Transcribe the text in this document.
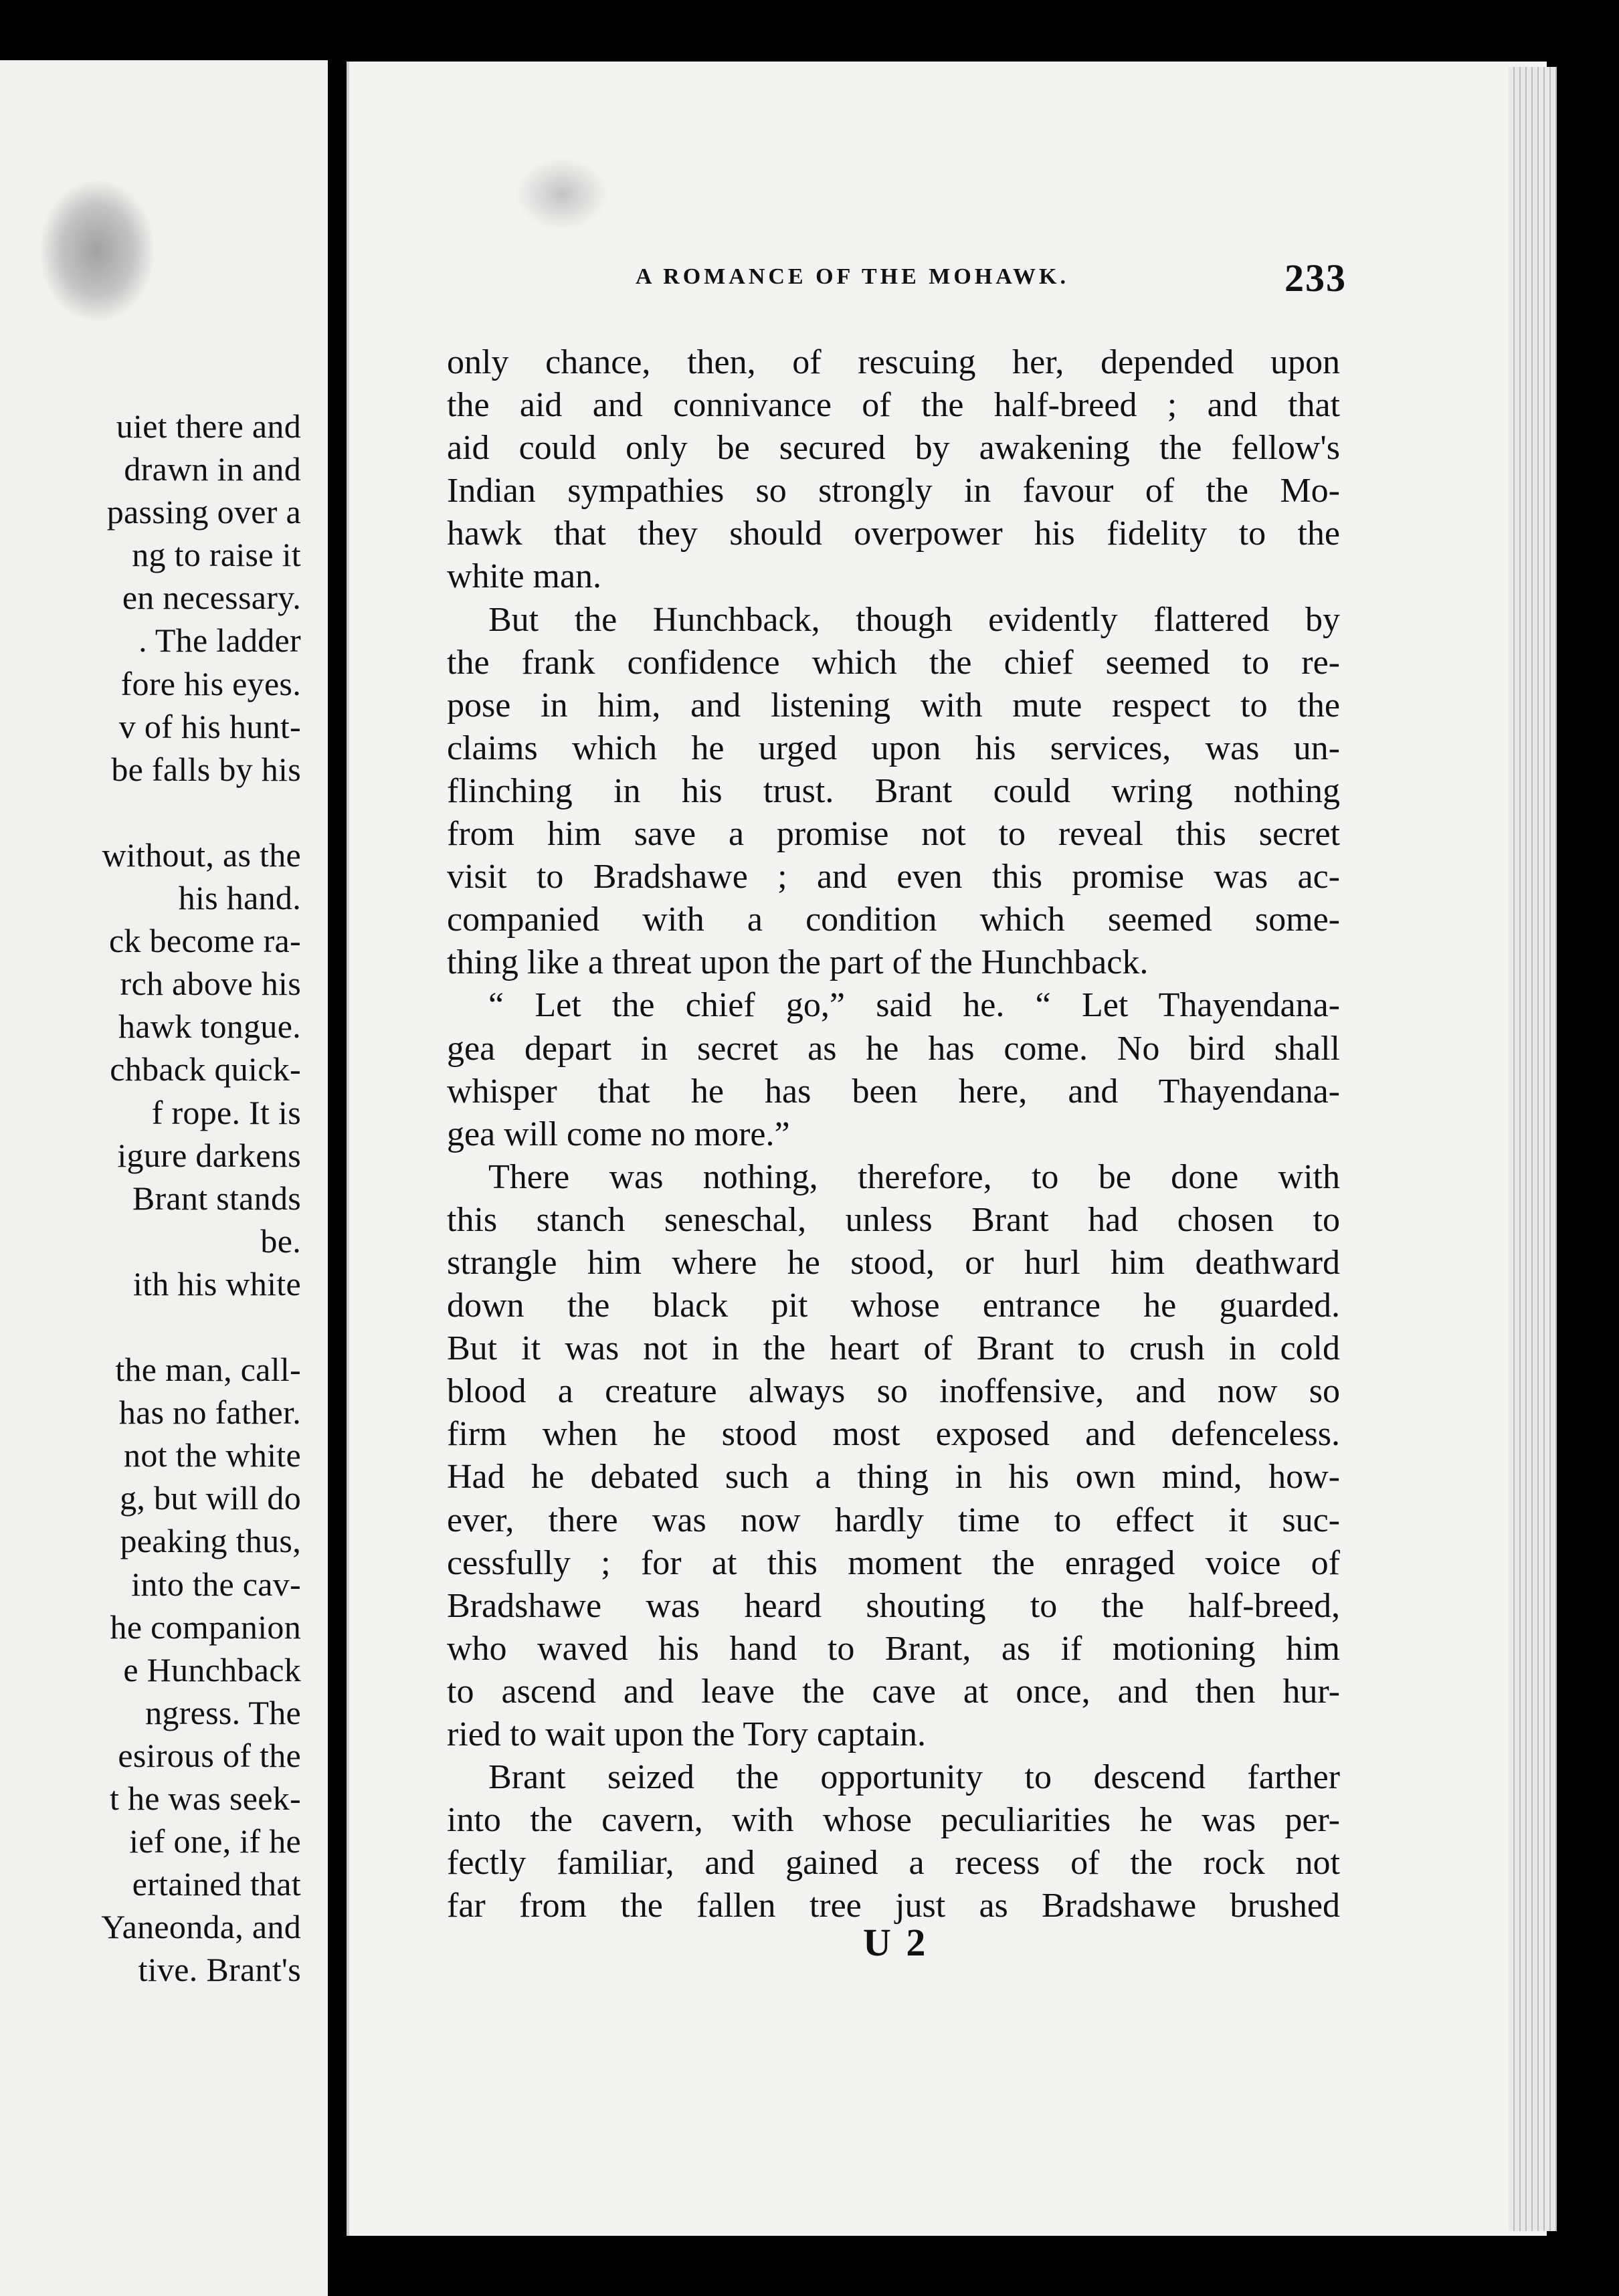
uiet there and
drawn in and
passing over a
ng to raise it
en necessary.
. The ladder
fore his eyes.
v of his hunt-
be falls by his

without, as the
his hand.
ck become ra-
rch above his
hawk tongue.
chback quick-
f rope. It is
igure darkens
Brant stands
be.
ith his white

the man, call-
has no father.
not the white
g, but will do
peaking thus,
into the cav-
he companion
e Hunchback
ngress. The
esirous of the
t he was seek-
ief one, if he
ertained that
Yaneonda, and
tive. Brant's
A ROMANCE OF THE MOHAWK.	233
only chance, then, of rescuing her, depended upon
the aid and connivance of the half-breed ; and that
aid could only be secured by awakening the fellow's
Indian sympathies so strongly in favour of the Mo-
hawk that they should overpower his fidelity to the
white man.
But the Hunchback, though evidently flattered by
the frank confidence which the chief seemed to re-
pose in him, and listening with mute respect to the
claims which he urged upon his services, was un-
flinching in his trust. Brant could wring nothing
from him save a promise not to reveal this secret
visit to Bradshawe ; and even this promise was ac-
companied with a condition which seemed some-
thing like a threat upon the part of the Hunchback.
“ Let the chief go,” said he. “ Let Thayendana-
gea depart in secret as he has come. No bird shall
whisper that he has been here, and Thayendana-
gea will come no more.”
There was nothing, therefore, to be done with
this stanch seneschal, unless Brant had chosen to
strangle him where he stood, or hurl him deathward
down the black pit whose entrance he guarded.
But it was not in the heart of Brant to crush in cold
blood a creature always so inoffensive, and now so
firm when he stood most exposed and defenceless.
Had he debated such a thing in his own mind, how-
ever, there was now hardly time to effect it suc-
cessfully ; for at this moment the enraged voice of
Bradshawe was heard shouting to the half-breed,
who waved his hand to Brant, as if motioning him
to ascend and leave the cave at once, and then hur-
ried to wait upon the Tory captain.
Brant seized the opportunity to descend farther
into the cavern, with whose peculiarities he was per-
fectly familiar, and gained a recess of the rock not
far from the fallen tree just as Bradshawe brushed
U 2
